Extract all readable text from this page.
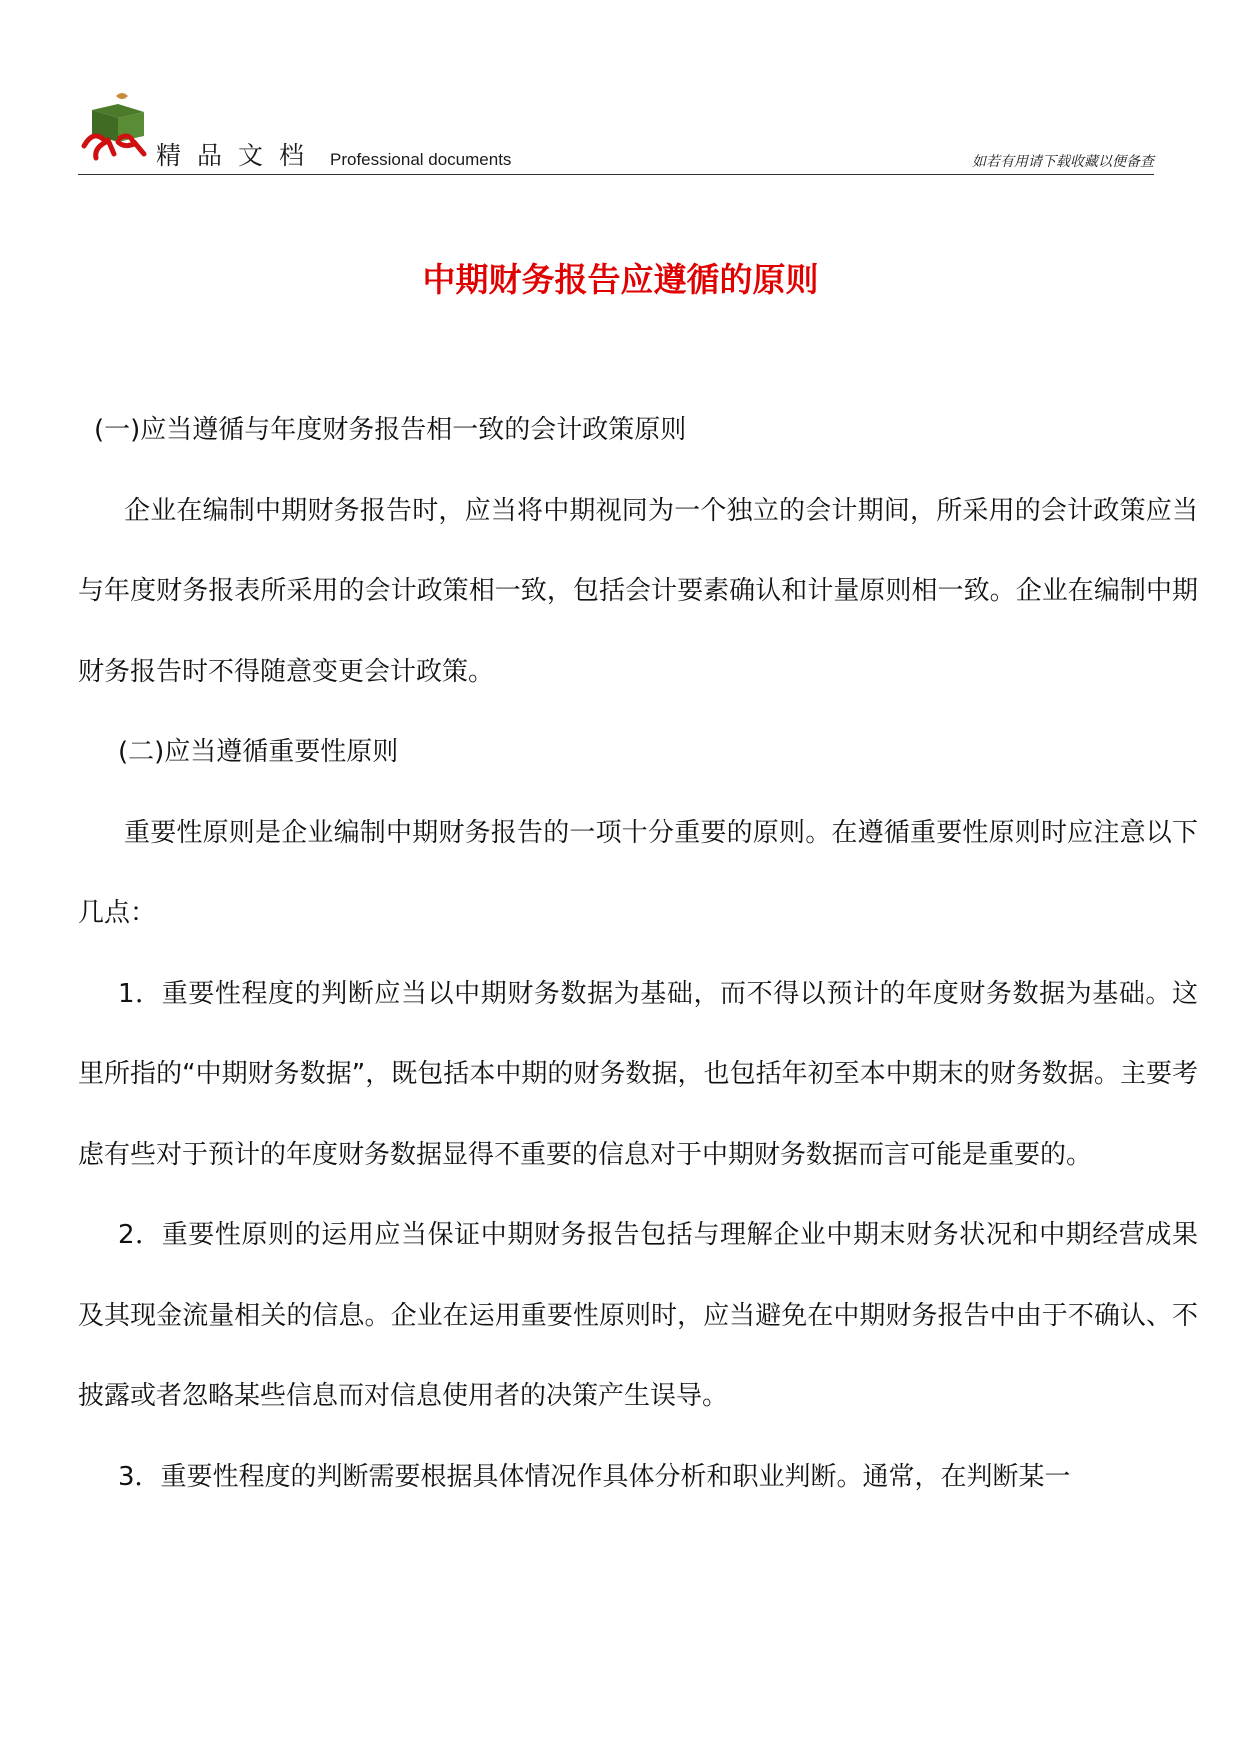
精品文档 Professional documents	如若有用请下载收藏以便备查
中期财务报告应遵循的原则

(一)应当遵循与年度财务报告相一致的会计政策原则

企业在编制中期财务报告时，应当将中期视同为一个独立的会计期间，所采用的会计政策应当与年度财务报表所采用的会计政策相一致，包括会计要素确认和计量原则相一致。企业在编制中期财务报告时不得随意变更会计政策。

(二)应当遵循重要性原则

重要性原则是企业编制中期财务报告的一项十分重要的原则。在遵循重要性原则时应注意以下几点：

1．重要性程度的判断应当以中期财务数据为基础，而不得以预计的年度财务数据为基础。这里所指的“中期财务数据”，既包括本中期的财务数据，也包括年初至本中期末的财务数据。主要考虑有些对于预计的年度财务数据显得不重要的信息对于中期财务数据而言可能是重要的。

2．重要性原则的运用应当保证中期财务报告包括与理解企业中期末财务状况和中期经营成果及其现金流量相关的信息。企业在运用重要性原则时，应当避免在中期财务报告中由于不确认、不披露或者忽略某些信息而对信息使用者的决策产生误导。

3．重要性程度的判断需要根据具体情况作具体分析和职业判断。通常，在判断某一
